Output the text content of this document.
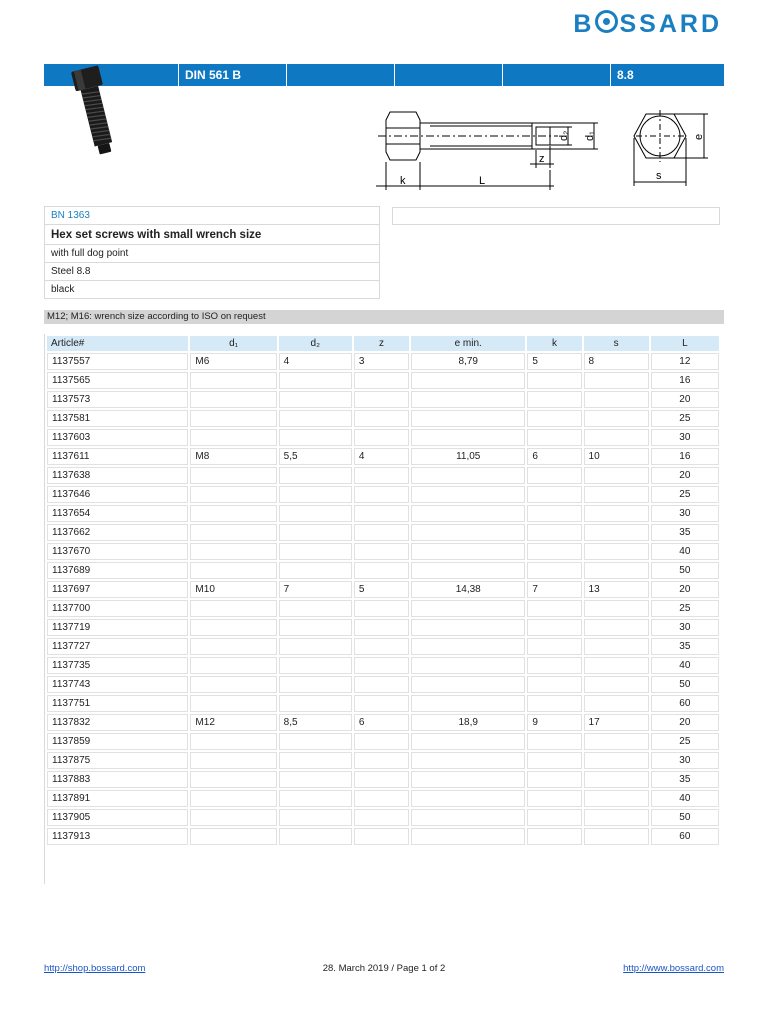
B SSARD
DIN 561 B	8.8
d₂ d₁
z
k	L
e
s
BN 1363
Hex set screws with small wrench size
with full dog point
Steel 8.8
black
M12; M16: wrench size according to ISO on request
Article#	d₁	d₂	z	e min.	k	s	L
1137557	M6	4	3	8,79	5	8	12
1137565							16
1137573							20
1137581							25
1137603							30
1137611	M8	5,5	4	11,05	6	10	16
1137638							20
1137646							25
1137654							30
1137662							35
1137670							40
1137689							50
1137697	M10	7	5	14,38	7	13	20
1137700							25
1137719							30
1137727							35
1137735							40
1137743							50
1137751							60
1137832	M12	8,5	6	18,9	9	17	20
1137859							25
1137875							30
1137883							35
1137891							40
1137905							50
1137913							60
http://shop.bossard.com	28. March 2019 / Page 1 of 2	http://www.bossard.com
